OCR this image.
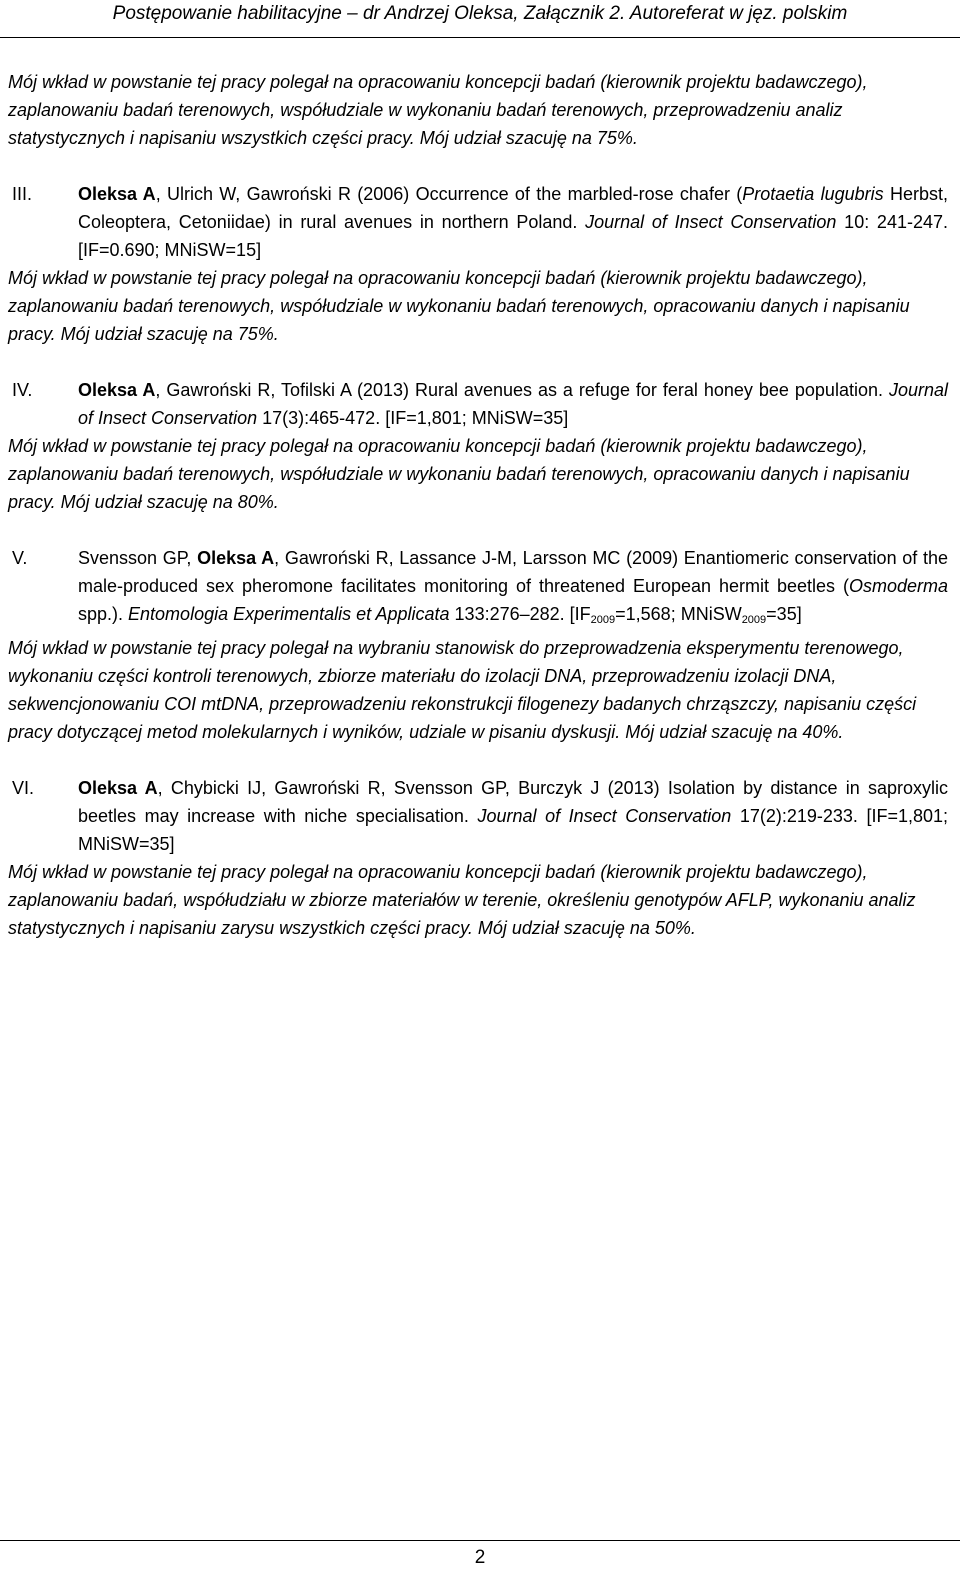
Postępowanie habilitacyjne – dr Andrzej Oleksa, Załącznik 2. Autoreferat w jęz. polskim

Mój wkład w powstanie tej pracy polegał na opracowaniu koncepcji badań (kierownik projektu badawczego), zaplanowaniu badań terenowych, współudziale w wykonaniu badań terenowych, przeprowadzeniu analiz statystycznych i napisaniu wszystkich części pracy. Mój udział szacuję na 75%.

III.	Oleksa A, Ulrich W, Gawroński R (2006) Occurrence of the marbled-rose chafer (Protaetia lugubris Herbst, Coleoptera, Cetoniidae) in rural avenues in northern Poland. Journal of Insect Conservation 10: 241-247. [IF=0.690; MNiSW=15]

Mój wkład w powstanie tej pracy polegał na opracowaniu koncepcji badań (kierownik projektu badawczego), zaplanowaniu badań terenowych, współudziale w wykonaniu badań terenowych, opracowaniu danych i napisaniu pracy. Mój udział szacuję na 75%.

IV.	Oleksa A, Gawroński R, Tofilski A (2013) Rural avenues as a refuge for feral honey bee population. Journal of Insect Conservation 17(3):465-472. [IF=1,801; MNiSW=35]

Mój wkład w powstanie tej pracy polegał na opracowaniu koncepcji badań (kierownik projektu badawczego), zaplanowaniu badań terenowych, współudziale w wykonaniu badań terenowych, opracowaniu danych i napisaniu pracy. Mój udział szacuję na 80%.

V.	Svensson GP, Oleksa A, Gawroński R, Lassance J-M, Larsson MC (2009) Enantiomeric conservation of the male-produced sex pheromone facilitates monitoring of threatened European hermit beetles (Osmoderma spp.). Entomologia Experimentalis et Applicata 133:276–282. [$IF_{2009}=1,568$; MNiSW$_{2009}$=35]

Mój wkład w powstanie tej pracy polegał na wybraniu stanowisk do przeprowadzenia eksperymentu terenowego, wykonaniu części kontroli terenowych, zbiorze materiału do izolacji DNA, przeprowadzeniu izolacji DNA, sekwencjonowaniu COI mtDNA, przeprowadzeniu rekonstrukcji filogenezy badanych chrząszczy, napisaniu części pracy dotyczącej metod molekularnych i wyników, udziale w pisaniu dyskusji. Mój udział szacuję na 40%.

VI.	Oleksa A, Chybicki IJ, Gawroński R, Svensson GP, Burczyk J (2013) Isolation by distance in saproxylic beetles may increase with niche specialisation. Journal of Insect Conservation 17(2):219-233. [IF=1,801; MNiSW=35]

Mój wkład w powstanie tej pracy polegał na opracowaniu koncepcji badań (kierownik projektu badawczego), zaplanowaniu badań, współudziału w zbiorze materiałów w terenie, określeniu genotypów AFLP, wykonaniu analiz statystycznych i napisaniu zarysu wszystkich części pracy. Mój udział szacuję na 50%.

2
